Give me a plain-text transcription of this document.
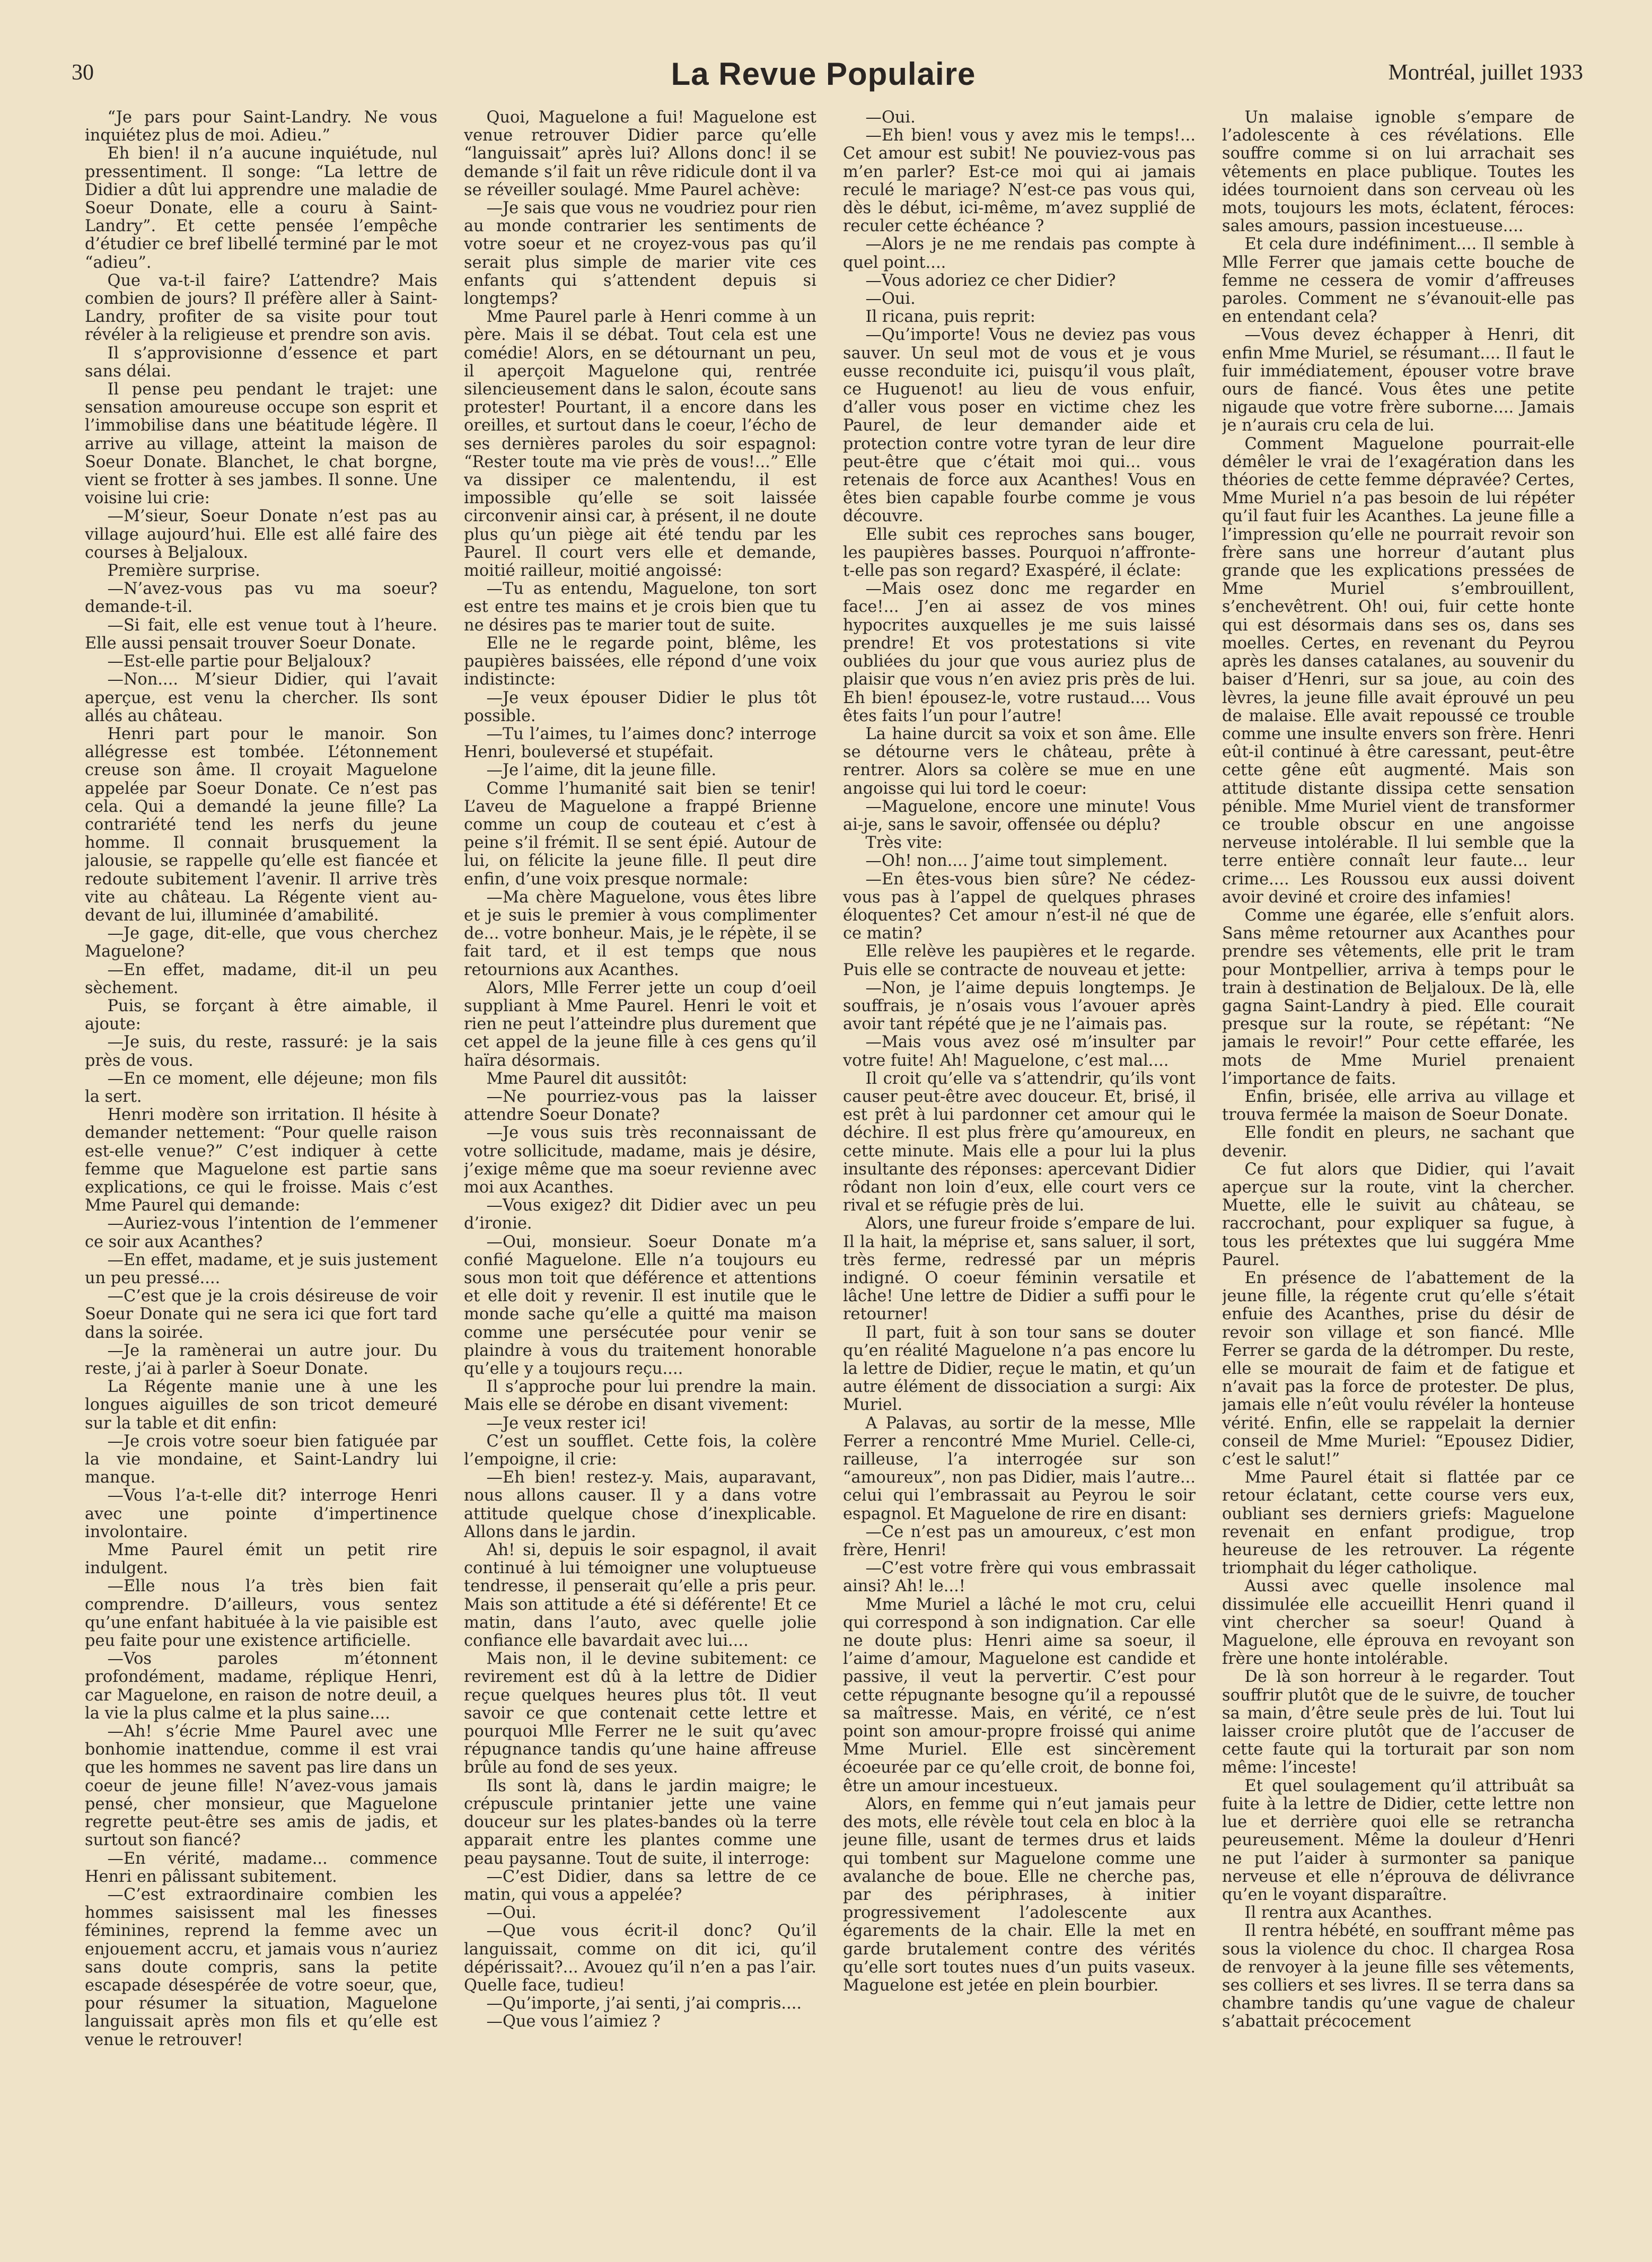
30	La Revue Populaire	Montréal, juillet 1933

“Je pars pour Saint-Landry. Ne vous inquiétez plus de moi. Adieu.”

Eh bien! il n’a aucune inquiétude, nul pressentiment. Il songe: “La lettre de Didier a dût lui apprendre une maladie de Soeur Donate, elle a couru à Saint-Landry”. Et cette pensée l’empêche d’étudier ce bref libellé terminé par le mot “adieu”.

Que va-t-il faire? L’attendre? Mais combien de jours? Il préfère aller à Saint-Landry, profiter de sa visite pour tout révéler à la religieuse et prendre son avis.

Il s’approvisionne d’essence et part sans délai.

Il pense peu pendant le trajet: une sensation amoureuse occupe son esprit et l’immobilise dans une béatitude légère. Il arrive au village, atteint la maison de Soeur Donate. Blanchet, le chat borgne, vient se frotter à ses jambes. Il sonne. Une voisine lui crie:

—M’sieur, Soeur Donate n’est pas au village aujourd’hui. Elle est allé faire des courses à Beljaloux.

Première surprise.

—N’avez-vous pas vu ma soeur? demande-t-il.

—Si fait, elle est venue tout à l’heure. Elle aussi pensait trouver Soeur Donate.

—Est-elle partie pour Beljaloux?

—Non.... M’sieur Didier, qui l’avait aperçue, est venu la chercher. Ils sont allés au château.

Henri part pour le manoir. Son allégresse est tombée. L’étonnement creuse son âme. Il croyait Maguelone appelée par Soeur Donate. Ce n’est pas cela. Qui a demandé la jeune fille? La contrariété tend les nerfs du jeune homme. Il connait brusquement la jalousie, se rappelle qu’elle est fiancée et redoute subitement l’avenir. Il arrive très vite au château. La Régente vient au-devant de lui, illuminée d’amabilité.

—Je gage, dit-elle, que vous cherchez Maguelone?

—En effet, madame, dit-il un peu sèchement.

Puis, se forçant à être aimable, il ajoute:

—Je suis, du reste, rassuré: je la sais près de vous.

—En ce moment, elle déjeune; mon fils la sert.

Henri modère son irritation. Il hésite à demander nettement: “Pour quelle raison est-elle venue?” C’est indiquer à cette femme que Maguelone est partie sans explications, ce qui le froisse. Mais c’est Mme Paurel qui demande:

—Auriez-vous l’intention de l’emmener ce soir aux Acanthes?

—En effet, madame, et je suis justement un peu pressé....

—C’est que je la crois désireuse de voir Soeur Donate qui ne sera ici que fort tard dans la soirée.

—Je la ramènerai un autre jour. Du reste, j’ai à parler à Soeur Donate.

La Régente manie une à une les longues aiguilles de son tricot demeuré sur la table et dit enfin:

—Je crois votre soeur bien fatiguée par la vie mondaine, et Saint-Landry lui manque.

—Vous l’a-t-elle dit? interroge Henri avec une pointe d’impertinence involontaire.

Mme Paurel émit un petit rire indulgent.

—Elle nous l’a très bien fait comprendre. D’ailleurs, vous sentez qu’une enfant habituée à la vie paisible est peu faite pour une existence artificielle.

—Vos paroles m’étonnent profondément, madame, réplique Henri, car Maguelone, en raison de notre deuil, a la vie la plus calme et la plus saine....

—Ah! s’écrie Mme Paurel avec une bonhomie inattendue, comme il est vrai que les hommes ne savent pas lire dans un coeur de jeune fille! N’avez-vous jamais pensé, cher monsieur, que Maguelone regrette peut-être ses amis de jadis, et surtout son fiancé?

—En vérité, madame... commence Henri en pâlissant subitement.

—C’est extraordinaire combien les hommes saisissent mal les finesses féminines, reprend la femme avec un enjouement accru, et jamais vous n’auriez sans doute compris, sans la petite escapade désespérée de votre soeur, que, pour résumer la situation, Maguelone languissait après mon fils et qu’elle est venue le retrouver!

Quoi, Maguelone a fui! Maguelone est venue retrouver Didier parce qu’elle “languissait” après lui? Allons donc! il se demande s’il fait un rêve ridicule dont il va se réveiller soulagé. Mme Paurel achève:

—Je sais que vous ne voudriez pour rien au monde contrarier les sentiments de votre soeur et ne croyez-vous pas qu’il serait plus simple de marier vite ces enfants qui s’attendent depuis si longtemps?

Mme Paurel parle à Henri comme à un père. Mais il se débat. Tout cela est une comédie! Alors, en se détournant un peu, il aperçoit Maguelone qui, rentrée silencieusement dans le salon, écoute sans protester! Pourtant, il a encore dans les oreilles, et surtout dans le coeur, l’écho de ses dernières paroles du soir espagnol: “Rester toute ma vie près de vous!...” Elle va dissiper ce malentendu, il est impossible qu’elle se soit laissée circonvenir ainsi car, à présent, il ne doute plus qu’un piège ait été tendu par les Paurel. Il court vers elle et demande, moitié railleur, moitié angoissé:

—Tu as entendu, Maguelone, ton sort est entre tes mains et je crois bien que tu ne désires pas te marier tout de suite.

Elle ne le regarde point, blême, les paupières baissées, elle répond d’une voix indistincte:

—Je veux épouser Didier le plus tôt possible.

—Tu l’aimes, tu l’aimes donc? interroge Henri, bouleversé et stupéfait.

—Je l’aime, dit la jeune fille.

Comme l’humanité sait bien se tenir! L’aveu de Maguelone a frappé Brienne comme un coup de couteau et c’est à peine s’il frémit. Il se sent épié. Autour de lui, on félicite la jeune fille. Il peut dire enfin, d’une voix presque normale:

—Ma chère Maguelone, vous êtes libre et je suis le premier à vous complimenter de... votre bonheur. Mais, je le répète, il se fait tard, et il est temps que nous retournions aux Acanthes.

Alors, Mlle Ferrer jette un coup d’oeil suppliant à Mme Paurel. Henri le voit et rien ne peut l’atteindre plus durement que cet appel de la jeune fille à ces gens qu’il haïra désormais.

Mme Paurel dit aussitôt:

—Ne pourriez-vous pas la laisser attendre Soeur Donate?

—Je vous suis très reconnaissant de votre sollicitude, madame, mais je désire, j’exige même que ma soeur revienne avec moi aux Acanthes.

—Vous exigez? dit Didier avec un peu d’ironie.

—Oui, monsieur. Soeur Donate m’a confié Maguelone. Elle n’a toujours eu sous mon toit que déférence et attentions et elle doit y revenir. Il est inutile que le monde sache qu’elle a quitté ma maison comme une persécutée pour venir se plaindre à vous du traitement honorable qu’elle y a toujours reçu....

Il s’approche pour lui prendre la main. Mais elle se dérobe en disant vivement:

—Je veux rester ici!

C’est un soufflet. Cette fois, la colère l’empoigne, il crie:

—Eh bien! restez-y. Mais, auparavant, nous allons causer. Il y a dans votre attitude quelque chose d’inexplicable. Allons dans le jardin.

Ah! si, depuis le soir espagnol, il avait continué à lui témoigner une voluptueuse tendresse, il penserait qu’elle a pris peur. Mais son attitude a été si déférente! Et ce matin, dans l’auto, avec quelle jolie confiance elle bavardait avec lui....

Mais non, il le devine subitement: ce revirement est dû à la lettre de Didier reçue quelques heures plus tôt. Il veut savoir ce que contenait cette lettre et pourquoi Mlle Ferrer ne le suit qu’avec répugnance tandis qu’une haine affreuse brûle au fond de ses yeux.

Ils sont là, dans le jardin maigre; le crépuscule printanier jette une vaine douceur sur les plates-bandes où la terre apparait entre les plantes comme une peau paysanne. Tout de suite, il interroge:

—C’est Didier, dans sa lettre de ce matin, qui vous a appelée?

—Oui.

—Que vous écrit-il donc? Qu’il languissait, comme on dit ici, qu’il dépérissait?... Avouez qu’il n’en a pas l’air. Quelle face, tudieu!

—Qu’importe, j’ai senti, j’ai compris....

—Que vous l’aimiez ?

—Oui.

—Eh bien! vous y avez mis le temps!... Cet amour est subit! Ne pouviez-vous pas m’en parler? Est-ce moi qui ai jamais reculé le mariage? N’est-ce pas vous qui, dès le début, ici-même, m’avez supplié de reculer cette échéance ?

—Alors je ne me rendais pas compte à quel point....

—Vous adoriez ce cher Didier?

—Oui.

Il ricana, puis reprit:

—Qu’importe! Vous ne deviez pas vous sauver. Un seul mot de vous et je vous eusse reconduite ici, puisqu’il vous plaît, ce Huguenot! au lieu de vous enfuir, d’aller vous poser en victime chez les Paurel, de leur demander aide et protection contre votre tyran de leur dire peut-être que c’était moi qui... vous retenais de force aux Acanthes! Vous en êtes bien capable fourbe comme je vous découvre.

Elle subit ces reproches sans bouger, les paupières basses. Pourquoi n’affronte-t-elle pas son regard? Exaspéré, il éclate:

—Mais osez donc me regarder en face!... J’en ai assez de vos mines hypocrites auxquelles je me suis laissé prendre! Et vos protestations si vite oubliées du jour que vous auriez plus de plaisir que vous n’en aviez pris près de lui. Eh bien! épousez-le, votre rustaud.... Vous êtes faits l’un pour l’autre!

La haine durcit sa voix et son âme. Elle se détourne vers le château, prête à rentrer. Alors sa colère se mue en une angoisse qui lui tord le coeur:

—Maguelone, encore une minute! Vous ai-je, sans le savoir, offensée ou déplu?

Très vite:

—Oh! non.... J’aime tout simplement.

—En êtes-vous bien sûre? Ne cédez-vous pas à l’appel de quelques phrases éloquentes? Cet amour n’est-il né que de ce matin?

Elle relève les paupières et le regarde. Puis elle se contracte de nouveau et jette:

—Non, je l’aime depuis longtemps. Je souffrais, je n’osais vous l’avouer après avoir tant répété que je ne l’aimais pas.

—Mais vous avez osé m’insulter par votre fuite! Ah! Maguelone, c’est mal....

Il croit qu’elle va s’attendrir, qu’ils vont causer peut-être avec douceur. Et, brisé, il est prêt à lui pardonner cet amour qui le déchire. Il est plus frère qu’amoureux, en cette minute. Mais elle a pour lui la plus insultante des réponses: apercevant Didier rôdant non loin d’eux, elle court vers ce rival et se réfugie près de lui.

Alors, une fureur froide s’empare de lui. Il la hait, la méprise et, sans saluer, il sort, très ferme, redressé par un mépris indigné. O coeur féminin versatile et lâche! Une lettre de Didier a suffi pour le retourner!

Il part, fuit à son tour sans se douter qu’en réalité Maguelone n’a pas encore lu la lettre de Didier, reçue le matin, et qu’un autre élément de dissociation a surgi: Aix Muriel.

A Palavas, au sortir de la messe, Mlle Ferrer a rencontré Mme Muriel. Celle-ci, railleuse, l’a interrogée sur son “amoureux”, non pas Didier, mais l’autre... celui qui l’embrassait au Peyrou le soir espagnol. Et Maguelone de rire en disant:

—Ce n’est pas un amoureux, c’est mon frère, Henri!

—C’est votre frère qui vous embrassait ainsi? Ah! le...!

Mme Muriel a lâché le mot cru, celui qui correspond à son indignation. Car elle ne doute plus: Henri aime sa soeur, il l’aime d’amour, Maguelone est candide et passive, il veut la pervertir. C’est pour cette répugnante besogne qu’il a repoussé sa maîtresse. Mais, en vérité, ce n’est point son amour-propre froissé qui anime Mme Muriel. Elle est sincèrement écoeurée par ce qu’elle croit, de bonne foi, être un amour incestueux.

Alors, en femme qui n’eut jamais peur des mots, elle révèle tout cela en bloc à la jeune fille, usant de termes drus et laids qui tombent sur Maguelone comme une avalanche de boue. Elle ne cherche pas, par des périphrases, à initier progressivement l’adolescente aux égarements de la chair. Elle la met en garde brutalement contre des vérités qu’elle sort toutes nues d’un puits vaseux. Maguelone est jetée en plein bourbier.

Un malaise ignoble s’empare de l’adolescente à ces révélations. Elle souffre comme si on lui arrachait ses vêtements en place publique. Toutes les idées tournoient dans son cerveau où les mots, toujours les mots, éclatent, féroces: sales amours, passion incestueuse....

Et cela dure indéfiniment.... Il semble à Mlle Ferrer que jamais cette bouche de femme ne cessera de vomir d’affreuses paroles. Comment ne s’évanouit-elle pas en entendant cela?

—Vous devez échapper à Henri, dit enfin Mme Muriel, se résumant.... Il faut le fuir immédiatement, épouser votre brave ours de fiancé. Vous êtes une petite nigaude que votre frère suborne.... Jamais je n’aurais cru cela de lui.

Comment Maguelone pourrait-elle démêler le vrai de l’exagération dans les théories de cette femme dépravée? Certes, Mme Muriel n’a pas besoin de lui répéter qu’il faut fuir les Acanthes. La jeune fille a l’impression qu’elle ne pourrait revoir son frère sans une horreur d’autant plus grande que les explications pressées de Mme Muriel s’embrouillent, s’enchevêtrent. Oh! oui, fuir cette honte qui est désormais dans ses os, dans ses moelles. Certes, en revenant du Peyrou après les danses catalanes, au souvenir du baiser d’Henri, sur sa joue, au coin des lèvres, la jeune fille avait éprouvé un peu de malaise. Elle avait repoussé ce trouble comme une insulte envers son frère. Henri eût-il continué à être caressant, peut-être cette gêne eût augmenté. Mais son attitude distante dissipa cette sensation pénible. Mme Muriel vient de transformer ce trouble obscur en une angoisse nerveuse intolérable. Il lui semble que la terre entière connaît leur faute... leur crime.... Les Roussou eux aussi doivent avoir deviné et croire des infamies!

Comme une égarée, elle s’enfuit alors. Sans même retourner aux Acanthes pour prendre ses vêtements, elle prit le tram pour Montpellier, arriva à temps pour le train à destination de Beljaloux. De là, elle gagna Saint-Landry à pied. Elle courait presque sur la route, se répétant: “Ne jamais le revoir!” Pour cette effarée, les mots de Mme Muriel prenaient l’importance de faits.

Enfin, brisée, elle arriva au village et trouva fermée la maison de Soeur Donate.

Elle fondit en pleurs, ne sachant que devenir.

Ce fut alors que Didier, qui l’avait aperçue sur la route, vint la chercher. Muette, elle le suivit au château, se raccrochant, pour expliquer sa fugue, à tous les prétextes que lui suggéra Mme Paurel.

En présence de l’abattement de la jeune fille, la régente crut qu’elle s’était enfuie des Acanthes, prise du désir de revoir son village et son fiancé. Mlle Ferrer se garda de la détromper. Du reste, elle se mourait de faim et de fatigue et n’avait pas la force de protester. De plus, jamais elle n’eût voulu révéler la honteuse vérité. Enfin, elle se rappelait la dernier conseil de Mme Muriel: “Epousez Didier, c’est le salut!”

Mme Paurel était si flattée par ce retour éclatant, cette course vers eux, oubliant ses derniers griefs: Maguelone revenait en enfant prodigue, trop heureuse de les retrouver. La régente triomphait du léger catholique.

Aussi avec quelle insolence mal dissimulée elle accueillit Henri quand il vint chercher sa soeur! Quand à Maguelone, elle éprouva en revoyant son frère une honte intolérable.

De là son horreur à le regarder. Tout souffrir plutôt que de le suivre, de toucher sa main, d’être seule près de lui. Tout lui laisser croire plutôt que de l’accuser de cette faute qui la torturait par son nom même: l’inceste!

Et quel soulagement qu’il attribuât sa fuite à la lettre de Didier, cette lettre non lue et derrière quoi elle se retrancha peureusement. Même la douleur d’Henri ne put l’aider à surmonter sa panique nerveuse et elle n’éprouva de délivrance qu’en le voyant disparaître.

Il rentra aux Acanthes.

Il rentra hébété, en souffrant même pas sous la violence du choc. Il chargea Rosa de renvoyer à la jeune fille ses vêtements, ses colliers et ses livres. Il se terra dans sa chambre tandis qu’une vague de chaleur s’abattait précocement
